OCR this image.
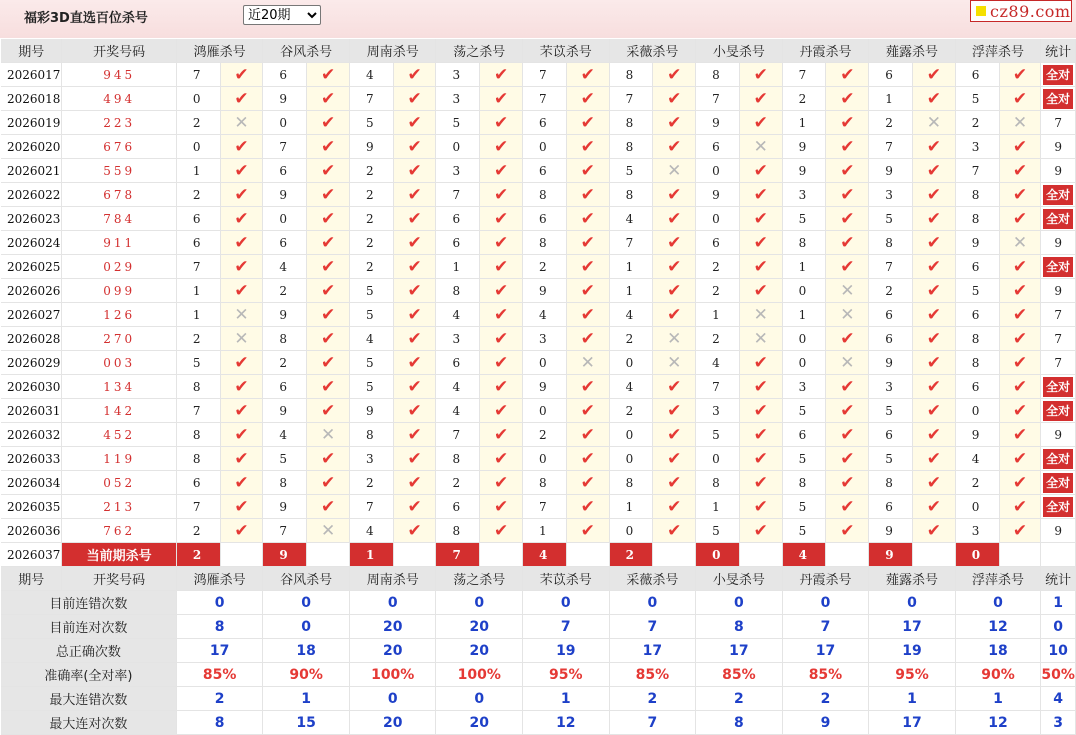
福彩3D直选百位杀号
近20期	cz89.com
期号	开奖号码	鸿雁杀号		谷风杀号		周南杀号		荡之杀号		芣苡杀号		采薇杀号		小旻杀号		丹霞杀号		薤露杀号		浮萍杀号		统计
2026017	945	7	✔	6	✔	4	✔	3	✔	7	✔	8	✔	8	✔	7	✔	6	✔	6	✔	全对
2026018	494	0	✔	9	✔	7	✔	3	✔	7	✔	7	✔	7	✔	2	✔	1	✔	5	✔	全对
2026019	223	2	✕	0	✔	5	✔	5	✔	6	✔	8	✔	9	✔	1	✔	2	✕	2	✕	7
2026020	676	0	✔	7	✔	9	✔	0	✔	0	✔	8	✔	6	✕	9	✔	7	✔	3	✔	9
2026021	559	1	✔	6	✔	2	✔	3	✔	6	✔	5	✕	0	✔	9	✔	9	✔	7	✔	9
2026022	678	2	✔	9	✔	2	✔	7	✔	8	✔	8	✔	9	✔	3	✔	3	✔	8	✔	全对
2026023	784	6	✔	0	✔	2	✔	6	✔	6	✔	4	✔	0	✔	5	✔	5	✔	8	✔	全对
2026024	911	6	✔	6	✔	2	✔	6	✔	8	✔	7	✔	6	✔	8	✔	8	✔	9	✕	9
2026025	029	7	✔	4	✔	2	✔	1	✔	2	✔	1	✔	2	✔	1	✔	7	✔	6	✔	全对
2026026	099	1	✔	2	✔	5	✔	8	✔	9	✔	1	✔	2	✔	0	✕	2	✔	5	✔	9
2026027	126	1	✕	9	✔	5	✔	4	✔	4	✔	4	✔	1	✕	1	✕	6	✔	6	✔	7
2026028	270	2	✕	8	✔	4	✔	3	✔	3	✔	2	✕	2	✕	0	✔	6	✔	8	✔	7
2026029	003	5	✔	2	✔	5	✔	6	✔	0	✕	0	✕	4	✔	0	✕	9	✔	8	✔	7
2026030	134	8	✔	6	✔	5	✔	4	✔	9	✔	4	✔	7	✔	3	✔	3	✔	6	✔	全对
2026031	142	7	✔	9	✔	9	✔	4	✔	0	✔	2	✔	3	✔	5	✔	5	✔	0	✔	全对
2026032	452	8	✔	4	✕	8	✔	7	✔	2	✔	0	✔	5	✔	6	✔	6	✔	9	✔	9
2026033	119	8	✔	5	✔	3	✔	8	✔	0	✔	0	✔	0	✔	5	✔	5	✔	4	✔	全对
2026034	052	6	✔	8	✔	2	✔	2	✔	8	✔	8	✔	8	✔	8	✔	8	✔	2	✔	全对
2026035	213	7	✔	9	✔	7	✔	6	✔	7	✔	1	✔	1	✔	5	✔	6	✔	0	✔	全对
2026036	762	2	✔	7	✕	4	✔	8	✔	1	✔	0	✔	5	✔	5	✔	9	✔	3	✔	9
2026037	当前期杀号	2		9		1		7		4		2		0		4		9		0		
期号	开奖号码	鸿雁杀号		谷风杀号		周南杀号		荡之杀号		芣苡杀号		采薇杀号		小旻杀号		丹霞杀号		薤露杀号		浮萍杀号		统计
目前连错次数		0		0		0		0		0		0		0		0		0		0		1
目前连对次数		8		0		20		20		7		7		8		7		17		12		0
总正确次数		17		18		20		20		19		17		17		17		19		18		10
准确率(全对率)		85%		90%		100%		100%		95%		85%		85%		85%		95%		90%		50%
最大连错次数		2		1		0		0		1		2		2		2		1		1		4
最大连对次数		8		15		20		20		12		7		8		9		17		12		3
